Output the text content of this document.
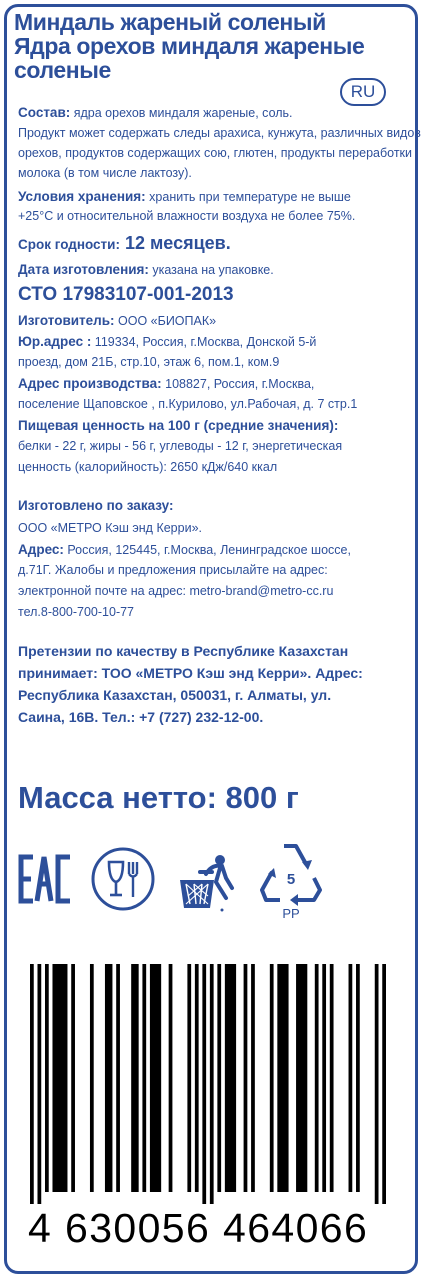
Миндаль жареный соленый
Ядра орехов миндаля жареные
соленые
RU
Состав: ядра орехов миндаля жареные, соль.
Продукт может содержать следы арахиса, кунжута, различных видов
орехов, продуктов содержащих сою, глютен, продукты переработки
молока (в том числе лактозу).
Условия хранения: хранить при температуре не выше
+25°С и относительной влажности воздуха не более 75%.
Срок годности: 12 месяцев.
Дата изготовления: указана на упаковке.
СТО 17983107-001-2013
Изготовитель: ООО «БИОПАК»
Юр.адрес : 119334, Россия, г.Москва, Донской 5-й
проезд, дом 21Б, стр.10, этаж 6, пом.1, ком.9
Адрес производства: 108827, Россия, г.Москва,
поселение Щаповское , п.Курилово, ул.Рабочая, д. 7 стр.1
Пищевая ценность на 100 г (средние значения):
белки - 22 г, жиры - 56 г, углеводы - 12 г, энергетическая
ценность (калорийность): 2650 кДж/640 ккал
Изготовлено по заказу:
ООО «МЕТРО Кэш энд Керри».
Адрес: Россия, 125445, г.Москва, Ленинградское шоссе,
д.71Г. Жалобы и предложения присылайте на адрес:
электронной почте на адрес: metro-brand@metro-cc.ru
тел.8-800-700-10-77
Претензии по качеству в Республике Казахстан
принимает: ТОО «МЕТРО Кэш энд Керри». Адрес:
Республика Казахстан, 050031, г. Алматы, ул.
Саина, 16В. Тел.: +7 (727) 232-12-00.
Масса нетто: 800 г
5
PP
4 630056 464066
